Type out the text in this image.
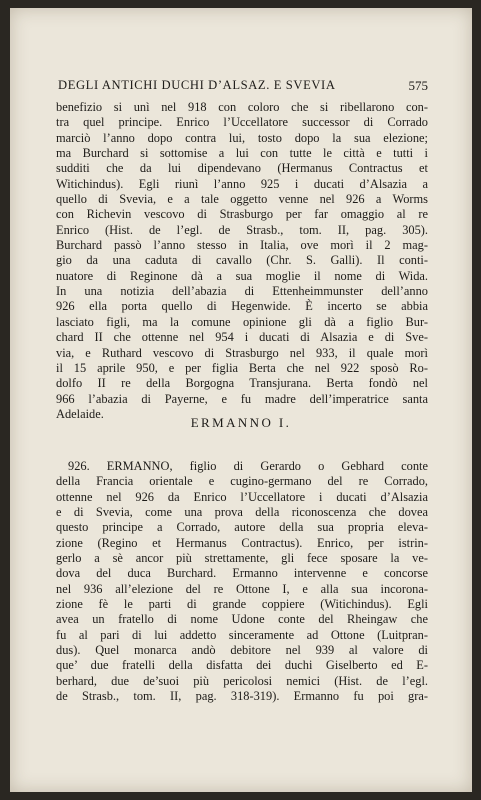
DEGLI ANTICHI DUCHI D’ALSAZ. E SVEVIA	575
benefizio si unì nel 918 con coloro che si ribellarono con-
tra quel principe. Enrico l’Uccellatore successor di Corrado
marciò l’anno dopo contra lui, tosto dopo la sua elezione;
ma Burchard si sottomise a lui con tutte le città e tutti i
sudditi che da lui dipendevano (Hermanus Contractus et
Witichindus). Egli riunì l’anno 925 i ducati d’Alsazia a
quello di Svevia, e a tale oggetto venne nel 926 a Worms
con Richevin vescovo di Strasburgo per far omaggio al re
Enrico (Hist. de l’egl. de Strasb., tom. II, pag. 305).
Burchard passò l’anno stesso in Italia, ove morì il 2 mag-
gio da una caduta di cavallo (Chr. S. Galli). Il conti-
nuatore di Reginone dà a sua moglie il nome di Wida.
In una notizia dell’abazia di Ettenheimmunster dell’anno
926 ella porta quello di Hegenwide. È incerto se abbia
lasciato figli, ma la comune opinione gli dà a figlio Bur-
chard II che ottenne nel 954 i ducati di Alsazia e di Sve-
via, e Ruthard vescovo di Strasburgo nel 933, il quale morì
il 15 aprile 950, e per figlia Berta che nel 922 sposò Ro-
dolfo II re della Borgogna Transjurana. Berta fondò nel
966 l’abazia di Payerne, e fu madre dell’imperatrice santa
Adelaide.
ERMANNO I.
926. ERMANNO, figlio di Gerardo o Gebhard conte
della Francia orientale e cugino-germano del re Corrado,
ottenne nel 926 da Enrico l’Uccellatore i ducati d’Alsazia
e di Svevia, come una prova della riconoscenza che dovea
questo principe a Corrado, autore della sua propria eleva-
zione (Regino et Hermanus Contractus). Enrico, per istrin-
gerlo a sè ancor più strettamente, gli fece sposare la ve-
dova del duca Burchard. Ermanno intervenne e concorse
nel 936 all’elezione del re Ottone I, e alla sua incorona-
zione fè le parti di grande coppiere (Witichindus). Egli
avea un fratello di nome Udone conte del Rheingaw che
fu al pari di lui addetto sinceramente ad Ottone (Luitpran-
dus). Quel monarca andò debitore nel 939 al valore di
que’ due fratelli della disfatta dei duchi Giselberto ed E-
berhard, due de’suoi più pericolosi nemici (Hist. de l’egl.
de Strasb., tom. II, pag. 318-319). Ermanno fu poi gra-
